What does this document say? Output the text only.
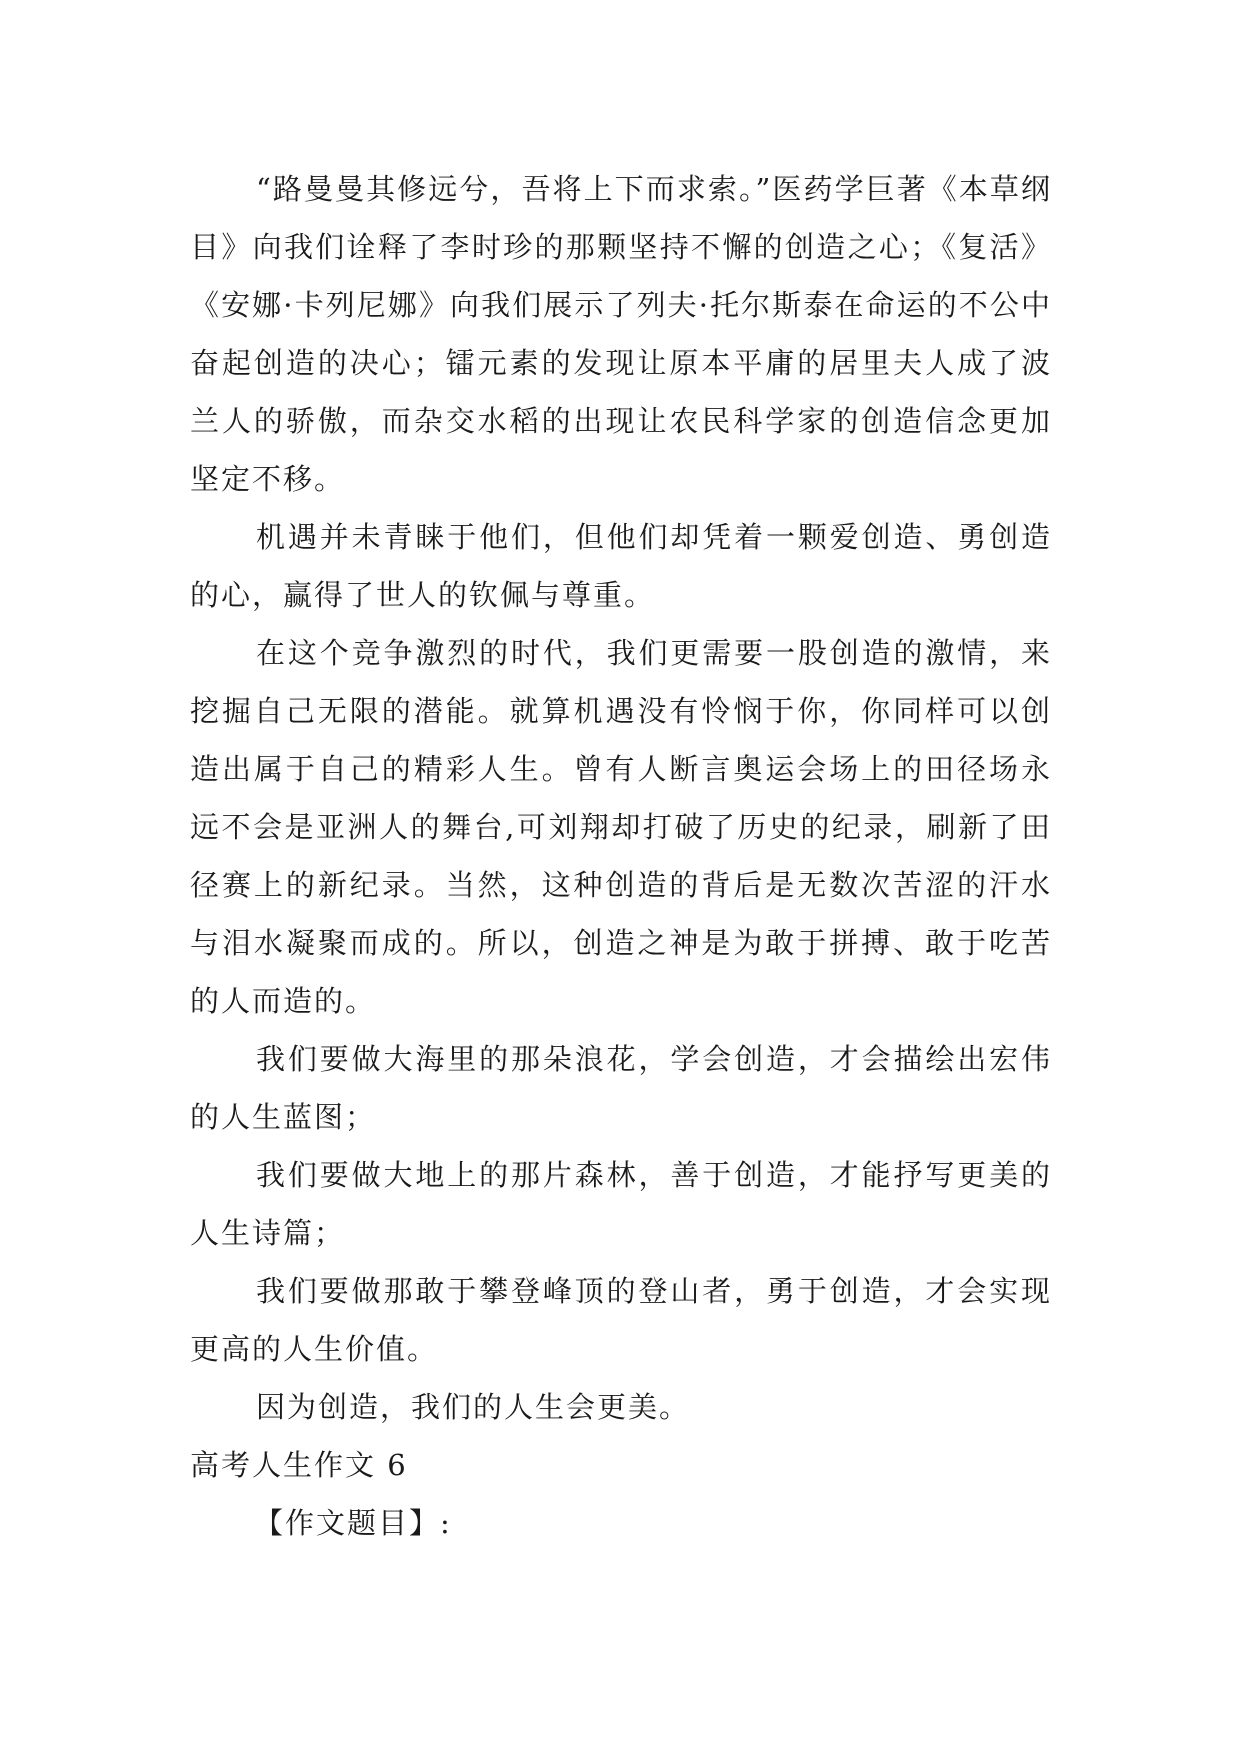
“路曼曼其修远兮，吾将上下而求索。”医药学巨著《本草纲目》向我们诠释了李时珍的那颗坚持不懈的创造之心；《复活》《安娜·卡列尼娜》向我们展示了列夫·托尔斯泰在命运的不公中奋起创造的决心；镭元素的发现让原本平庸的居里夫人成了波兰人的骄傲，而杂交水稻的出现让农民科学家的创造信念更加坚定不移。

机遇并未青睐于他们，但他们却凭着一颗爱创造、勇创造的心，赢得了世人的钦佩与尊重。

在这个竞争激烈的时代，我们更需要一股创造的激情，来挖掘自己无限的潜能。就算机遇没有怜悯于你，你同样可以创造出属于自己的精彩人生。曾有人断言奥运会场上的田径场永远不会是亚洲人的舞台,可刘翔却打破了历史的纪录，刷新了田径赛上的新纪录。当然，这种创造的背后是无数次苦涩的汗水与泪水凝聚而成的。所以，创造之神是为敢于拼搏、敢于吃苦的人而造的。

我们要做大海里的那朵浪花，学会创造，才会描绘出宏伟的人生蓝图；

我们要做大地上的那片森林，善于创造，才能抒写更美的人生诗篇；

我们要做那敢于攀登峰顶的登山者，勇于创造，才会实现更高的人生价值。

因为创造，我们的人生会更美。

高考人生作文 6

【作文题目】:
